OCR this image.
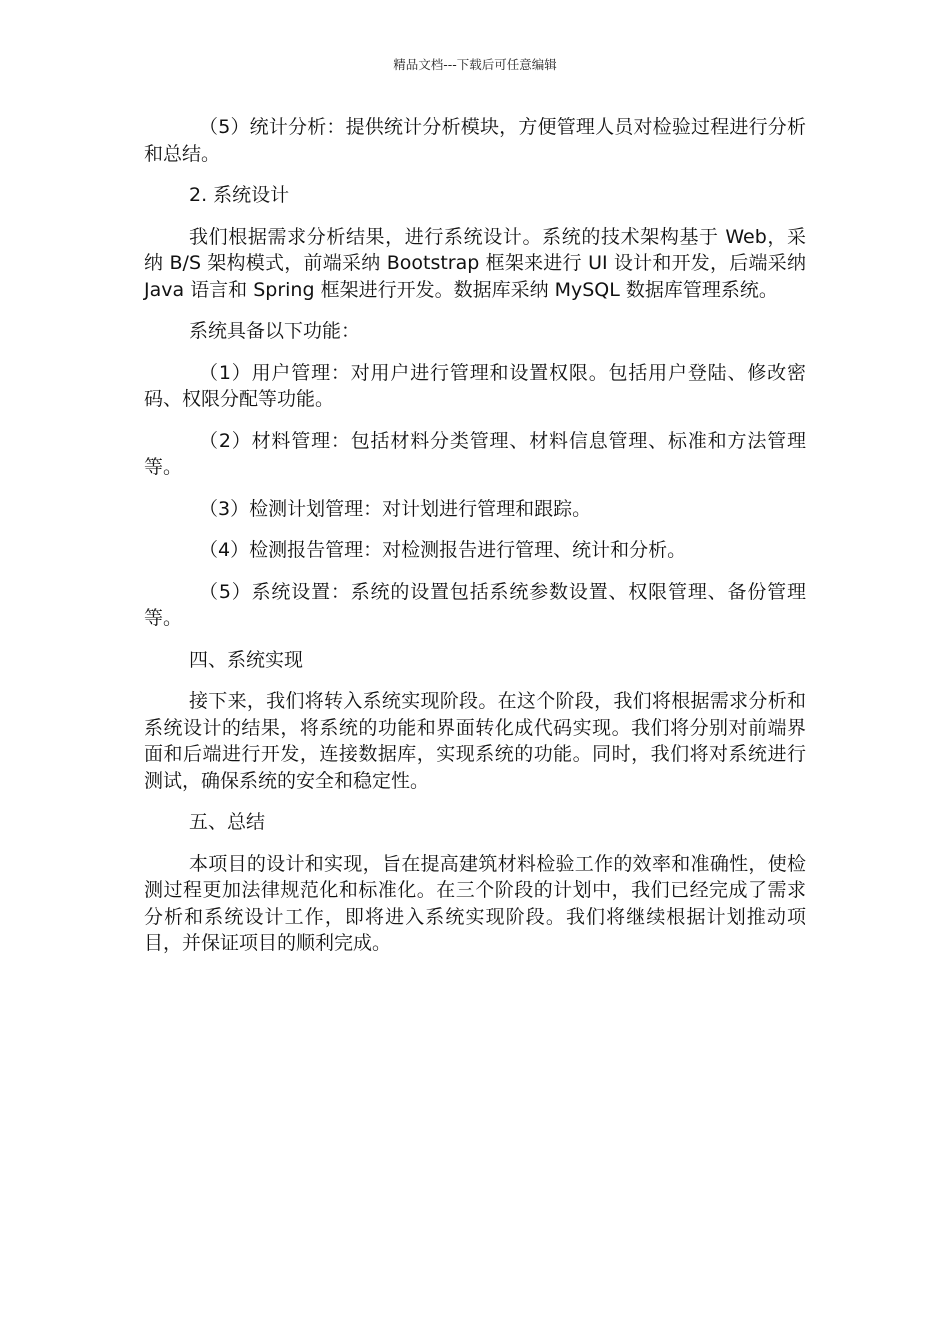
精品文档---下载后可任意编辑

（5）统计分析：提供统计分析模块，方便管理人员对检验过程进行分析和总结。

2. 系统设计

我们根据需求分析结果，进行系统设计。系统的技术架构基于 Web，采纳 B/S 架构模式，前端采纳 Bootstrap 框架来进行 UI 设计和开发，后端采纳 Java 语言和 Spring 框架进行开发。数据库采纳 MySQL 数据库管理系统。

系统具备以下功能：

（1）用户管理：对用户进行管理和设置权限。包括用户登陆、修改密码、权限分配等功能。

（2）材料管理：包括材料分类管理、材料信息管理、标准和方法管理等。

（3）检测计划管理：对计划进行管理和跟踪。

（4）检测报告管理：对检测报告进行管理、统计和分析。

（5）系统设置：系统的设置包括系统参数设置、权限管理、备份管理等。

四、系统实现

接下来，我们将转入系统实现阶段。在这个阶段，我们将根据需求分析和系统设计的结果，将系统的功能和界面转化成代码实现。我们将分别对前端界面和后端进行开发，连接数据库，实现系统的功能。同时，我们将对系统进行测试，确保系统的安全和稳定性。

五、总结

本项目的设计和实现，旨在提高建筑材料检验工作的效率和准确性，使检测过程更加法律规范化和标准化。在三个阶段的计划中，我们已经完成了需求分析和系统设计工作，即将进入系统实现阶段。我们将继续根据计划推动项目，并保证项目的顺利完成。
